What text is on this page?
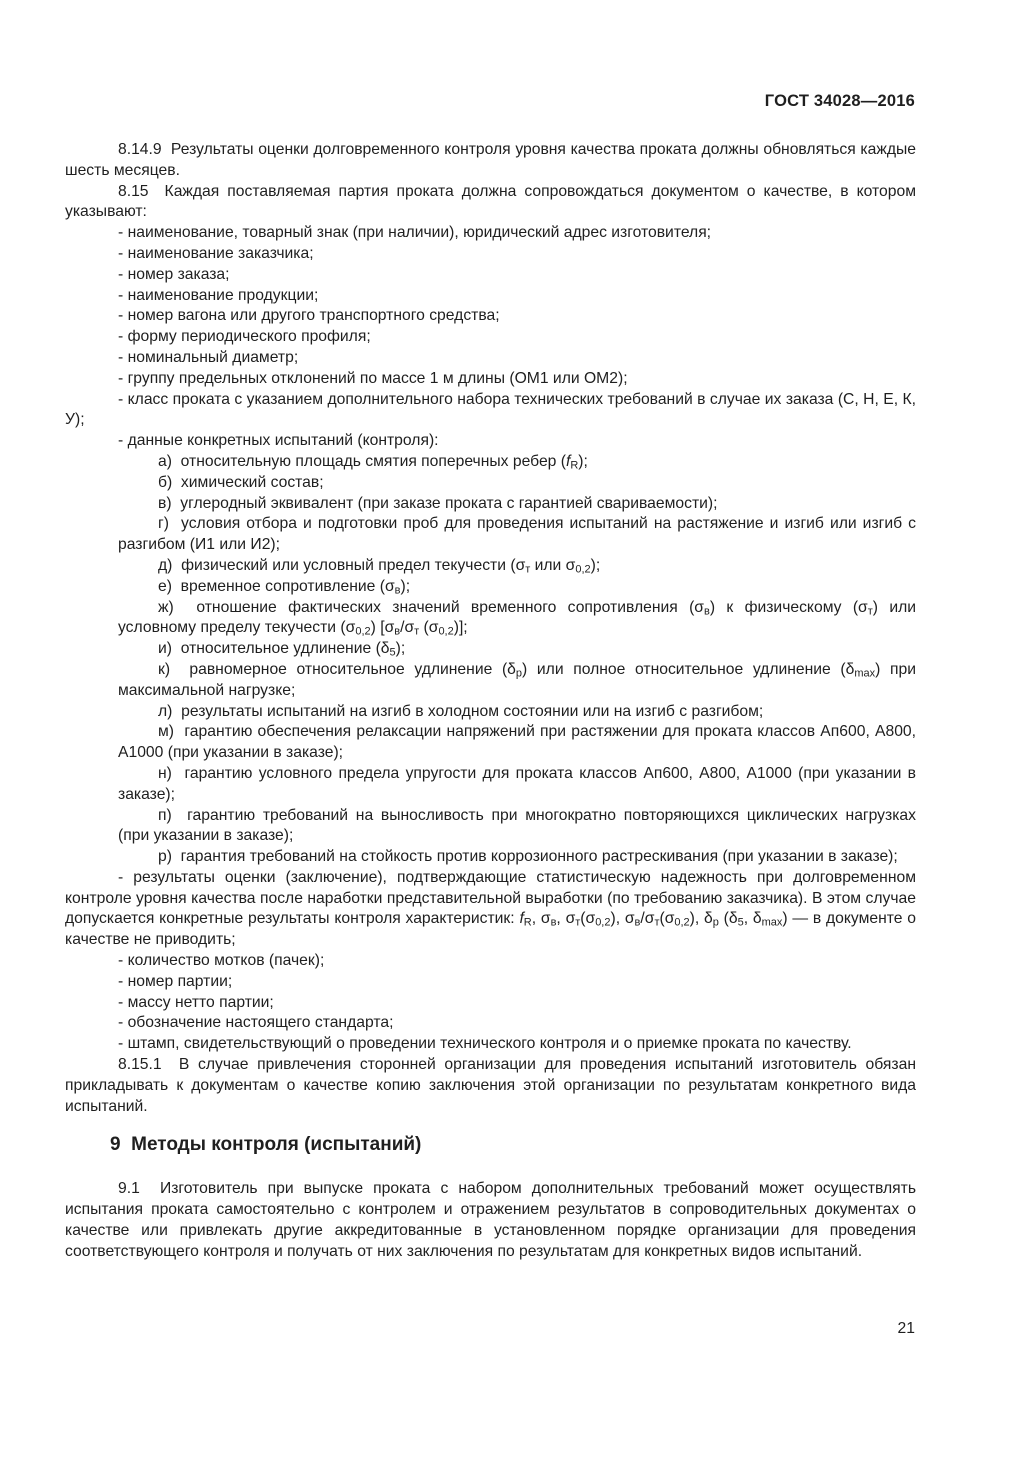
ГОСТ 34028—2016

8.14.9  Результаты оценки долговременного контроля уровня качества проката должны обновляться каждые шесть месяцев.

8.15  Каждая поставляемая партия проката должна сопровождаться документом о качестве, в котором указывают:

- наименование, товарный знак (при наличии), юридический адрес изготовителя;

- наименование заказчика;

- номер заказа;

- наименование продукции;

- номер вагона или другого транспортного средства;

- форму периодического профиля;

- номинальный диаметр;

- группу предельных отклонений по массе 1 м длины (ОМ1 или ОМ2);

- класс проката с указанием дополнительного набора технических требований в случае их заказа (С, Н, Е, К, У);

- данные конкретных испытаний (контроля):

а)  относительную площадь смятия поперечных ребер $(f_R)$;

б)  химический состав;

в)  углеродный эквивалент (при заказе проката с гарантией свариваемости);

г)  условия отбора и подготовки проб для проведения испытаний на растяжение и изгиб или изгиб с разгибом (И1 или И2);

д)  физический или условный предел текучести ($\sigma_т$ или $\sigma_{0,2}$);

е)  временное сопротивление $(\sigma_в)$;

ж)  отношение фактических значений временного сопротивления $(\sigma_в)$ к физическому $(\sigma_т)$ или условному пределу текучести $(\sigma_{0,2})$ [$\sigma_в/\sigma_т$ $(\sigma_{0,2})$];

и)  относительное удлинение $(\delta_5)$;

к)  равномерное относительное удлинение $(\delta_р)$ или полное относительное удлинение $(\delta_{max})$ при максимальной нагрузке;

л)  результаты испытаний на изгиб в холодном состоянии или на изгиб с разгибом;

м)  гарантию обеспечения релаксации напряжений при растяжении для проката классов Ап600, А800, А1000 (при указании в заказе);

н)  гарантию условного предела упругости для проката классов Ап600, А800, А1000 (при указании в заказе);

п)  гарантию требований на выносливость при многократно повторяющихся циклических нагрузках (при указании в заказе);

р)  гарантия требований на стойкость против коррозионного растрескивания (при указании в заказе);

- результаты оценки (заключение), подтверждающие статистическую надежность при долговременном контроле уровня качества после наработки представительной выработки (по требованию заказчика). В этом случае допускается конкретные результаты контроля характеристик: $f_R$, $\sigma_в$, $\sigma_т(\sigma_{0,2})$, $\sigma_в/\sigma_т(\sigma_{0,2})$, $\delta_р$ ($\delta_5$, $\delta_{max}$) — в документе о качестве не приводить;

- количество мотков (пачек);

- номер партии;

- массу нетто партии;

- обозначение настоящего стандарта;

- штамп, свидетельствующий о проведении технического контроля и о приемке проката по качеству.

8.15.1  В случае привлечения сторонней организации для проведения испытаний изготовитель обязан прикладывать к документам о качестве копию заключения этой организации по результатам конкретного вида испытаний.

9  Методы контроля (испытаний)

9.1  Изготовитель при выпуске проката с набором дополнительных требований может осуществлять испытания проката самостоятельно с контролем и отражением результатов в сопроводительных документах о качестве или привлекать другие аккредитованные в установленном порядке организации для проведения соответствующего контроля и получать от них заключения по результатам для конкретных видов испытаний.

21
